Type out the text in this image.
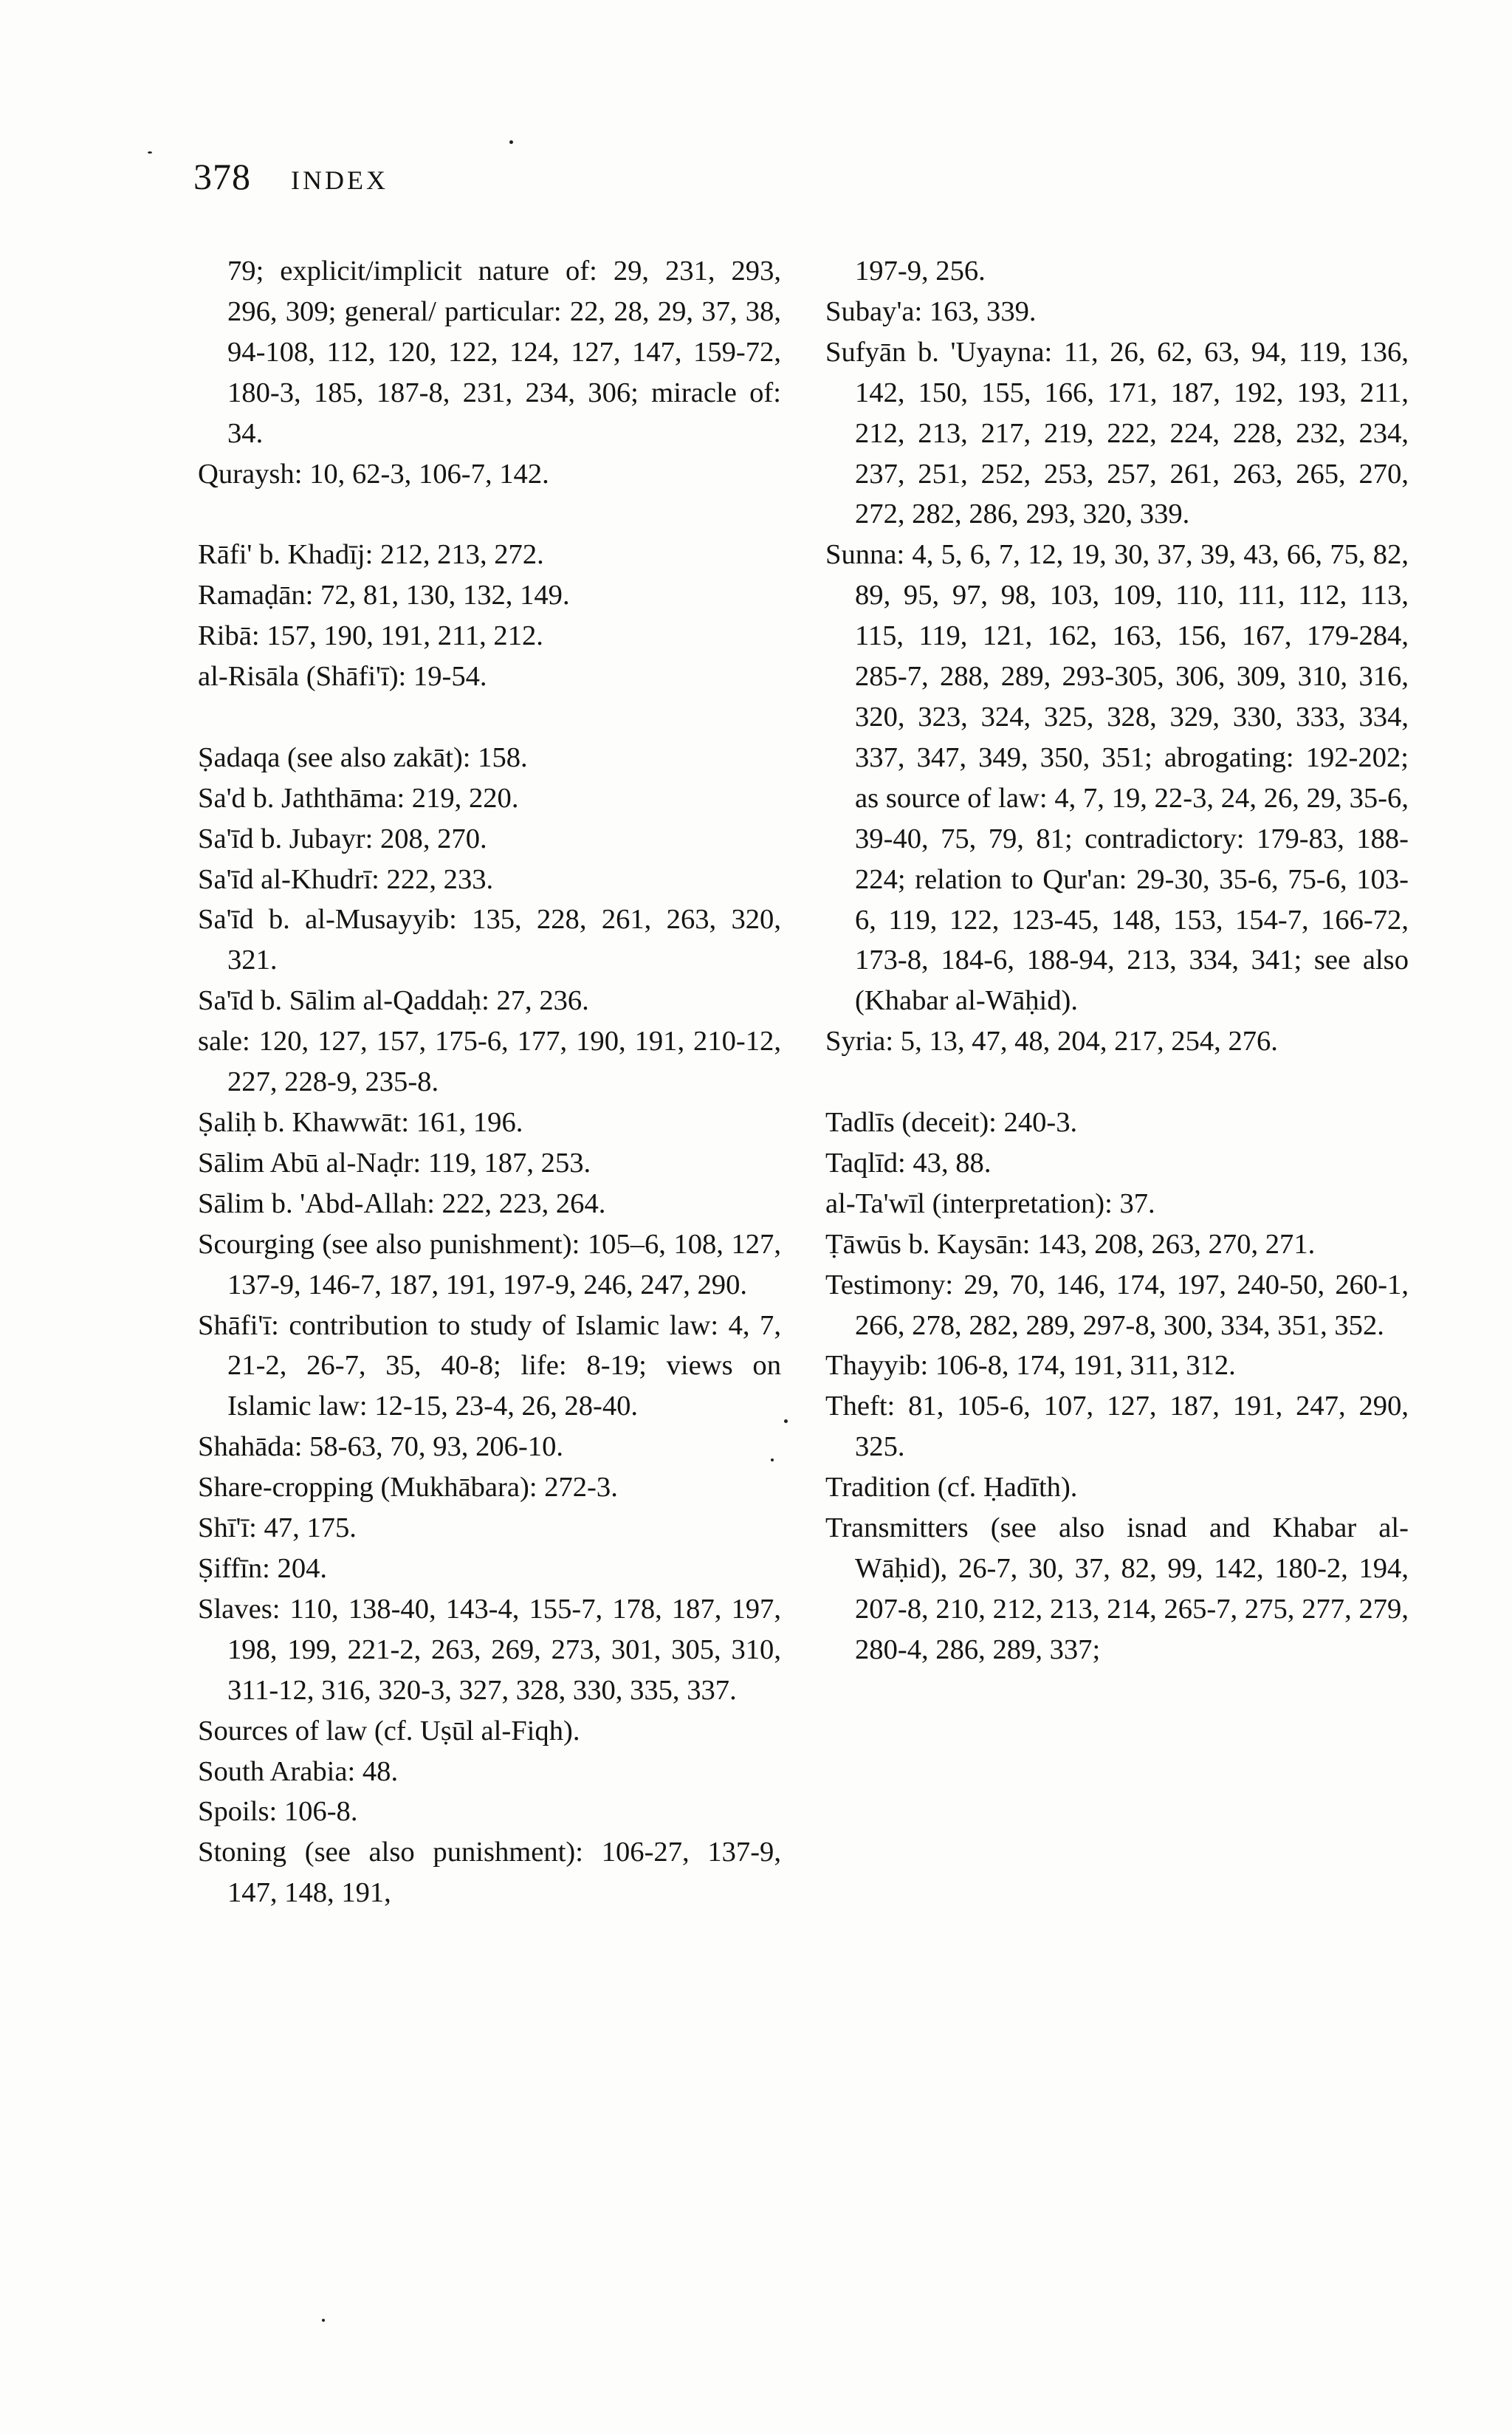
378 INDEX
79; explicit/implicit nature of: 29, 231, 293, 296, 309; general/ particular: 22, 28, 29, 37, 38, 94-108, 112, 120, 122, 124, 127, 147, 159-72, 180-3, 185, 187-8, 231, 234, 306; miracle of: 34.
Quraysh: 10, 62-3, 106-7, 142.
Rāfi' b. Khadīj: 212, 213, 272.
Ramaḍān: 72, 81, 130, 132, 149.
Ribā: 157, 190, 191, 211, 212.
al-Risāla (Shāfi'ī): 19-54.
Ṣadaqa (see also zakāt): 158.
Sa'd b. Jaththāma: 219, 220.
Sa'īd b. Jubayr: 208, 270.
Sa'īd al-Khudrī: 222, 233.
Sa'īd b. al-Musayyib: 135, 228, 261, 263, 320, 321.
Sa'īd b. Sālim al-Qaddaḥ: 27, 236.
sale: 120, 127, 157, 175-6, 177, 190, 191, 210-12, 227, 228-9, 235-8.
Ṣaliḥ b. Khawwāt: 161, 196.
Sālim Abū al-Naḍr: 119, 187, 253.
Sālim b. 'Abd-Allah: 222, 223, 264.
Scourging (see also punishment): 105–6, 108, 127, 137-9, 146-7, 187, 191, 197-9, 246, 247, 290.
Shāfi'ī: contribution to study of Islamic law: 4, 7, 21-2, 26-7, 35, 40-8; life: 8-19; views on Islamic law: 12-15, 23-4, 26, 28-40.
Shahāda: 58-63, 70, 93, 206-10.
Share-cropping (Mukhābara): 272-3.
Shī'ī: 47, 175.
Ṣiffīn: 204.
Slaves: 110, 138-40, 143-4, 155-7, 178, 187, 197, 198, 199, 221-2, 263, 269, 273, 301, 305, 310, 311-12, 316, 320-3, 327, 328, 330, 335, 337.
Sources of law (cf. Uṣūl al-Fiqh).
South Arabia: 48.
Spoils: 106-8.
Stoning (see also punishment): 106-27, 137-9, 147, 148, 191,
197-9, 256.
Subay'a: 163, 339.
Sufyān b. 'Uyayna: 11, 26, 62, 63, 94, 119, 136, 142, 150, 155, 166, 171, 187, 192, 193, 211, 212, 213, 217, 219, 222, 224, 228, 232, 234, 237, 251, 252, 253, 257, 261, 263, 265, 270, 272, 282, 286, 293, 320, 339.
Sunna: 4, 5, 6, 7, 12, 19, 30, 37, 39, 43, 66, 75, 82, 89, 95, 97, 98, 103, 109, 110, 111, 112, 113, 115, 119, 121, 162, 163, 156, 167, 179-284, 285-7, 288, 289, 293-305, 306, 309, 310, 316, 320, 323, 324, 325, 328, 329, 330, 333, 334, 337, 347, 349, 350, 351; abrogating: 192-202; as source of law: 4, 7, 19, 22-3, 24, 26, 29, 35-6, 39-40, 75, 79, 81; contradictory: 179-83, 188-224; relation to Qur'an: 29-30, 35-6, 75-6, 103-6, 119, 122, 123-45, 148, 153, 154-7, 166-72, 173-8, 184-6, 188-94, 213, 334, 341; see also (Khabar al-Wāḥid).
Syria: 5, 13, 47, 48, 204, 217, 254, 276.
Tadlīs (deceit): 240-3.
Taqlīd: 43, 88.
al-Ta'wīl (interpretation): 37.
Ṭāwūs b. Kaysān: 143, 208, 263, 270, 271.
Testimony: 29, 70, 146, 174, 197, 240-50, 260-1, 266, 278, 282, 289, 297-8, 300, 334, 351, 352.
Thayyib: 106-8, 174, 191, 311, 312.
Theft: 81, 105-6, 107, 127, 187, 191, 247, 290, 325.
Tradition (cf. Ḥadīth).
Transmitters (see also isnad and Khabar al-Wāḥid), 26-7, 30, 37, 82, 99, 142, 180-2, 194, 207-8, 210, 212, 213, 214, 265-7, 275, 277, 279, 280-4, 286, 289, 337;
